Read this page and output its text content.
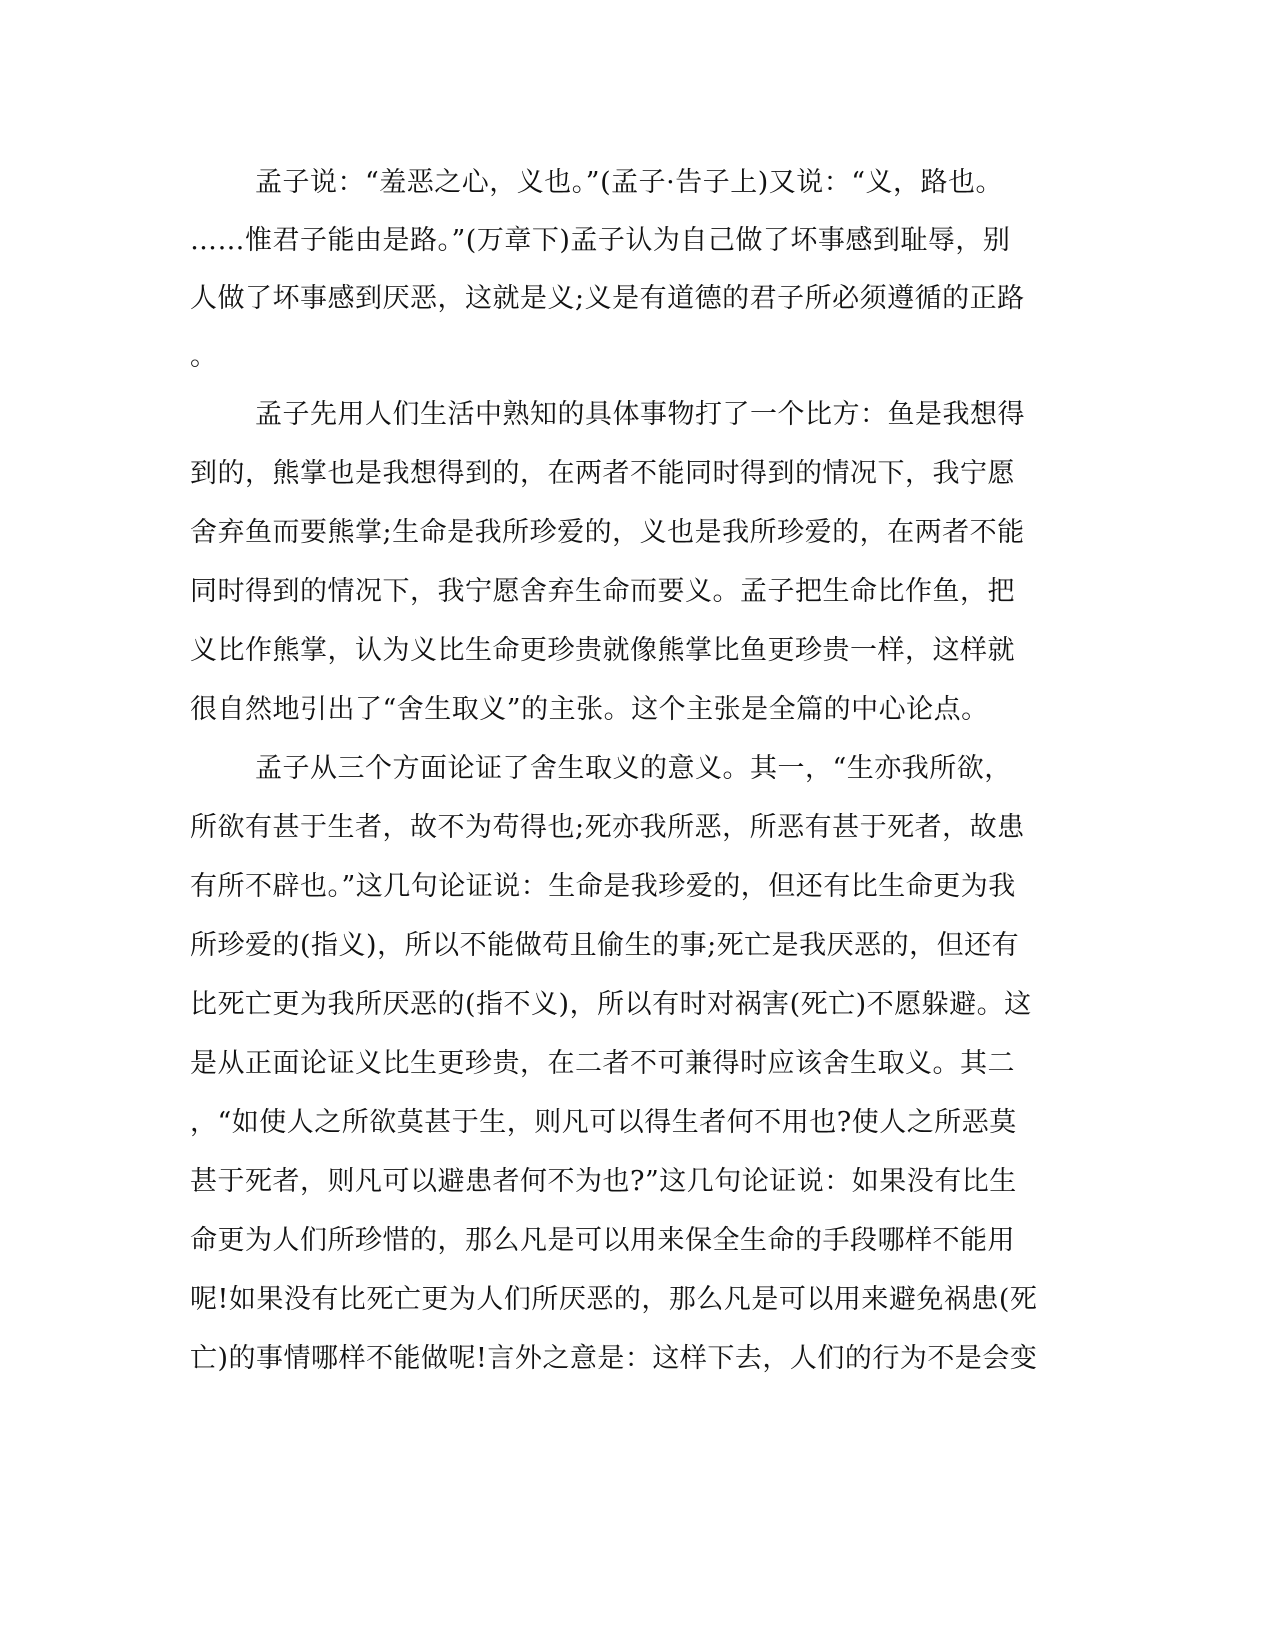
孟子说：“羞恶之心，义也。”(孟子·告子上)又说：“义，路也。
……惟君子能由是路。”(万章下)孟子认为自己做了坏事感到耻辱，别
人做了坏事感到厌恶，这就是义;义是有道德的君子所必须遵循的正路
。
孟子先用人们生活中熟知的具体事物打了一个比方：鱼是我想得
到的，熊掌也是我想得到的，在两者不能同时得到的情况下，我宁愿
舍弃鱼而要熊掌;生命是我所珍爱的，义也是我所珍爱的，在两者不能
同时得到的情况下，我宁愿舍弃生命而要义。孟子把生命比作鱼，把
义比作熊掌，认为义比生命更珍贵就像熊掌比鱼更珍贵一样，这样就
很自然地引出了“舍生取义”的主张。这个主张是全篇的中心论点。
孟子从三个方面论证了舍生取义的意义。其一，“生亦我所欲，
所欲有甚于生者，故不为苟得也;死亦我所恶，所恶有甚于死者，故患
有所不辟也。”这几句论证说：生命是我珍爱的，但还有比生命更为我
所珍爱的(指义)，所以不能做苟且偷生的事;死亡是我厌恶的，但还有
比死亡更为我所厌恶的(指不义)，所以有时对祸害(死亡)不愿躲避。这
是从正面论证义比生更珍贵，在二者不可兼得时应该舍生取义。其二
，“如使人之所欲莫甚于生，则凡可以得生者何不用也?使人之所恶莫
甚于死者，则凡可以避患者何不为也?”这几句论证说：如果没有比生
命更为人们所珍惜的，那么凡是可以用来保全生命的手段哪样不能用
呢!如果没有比死亡更为人们所厌恶的，那么凡是可以用来避免祸患(死
亡)的事情哪样不能做呢!言外之意是：这样下去，人们的行为不是会变
